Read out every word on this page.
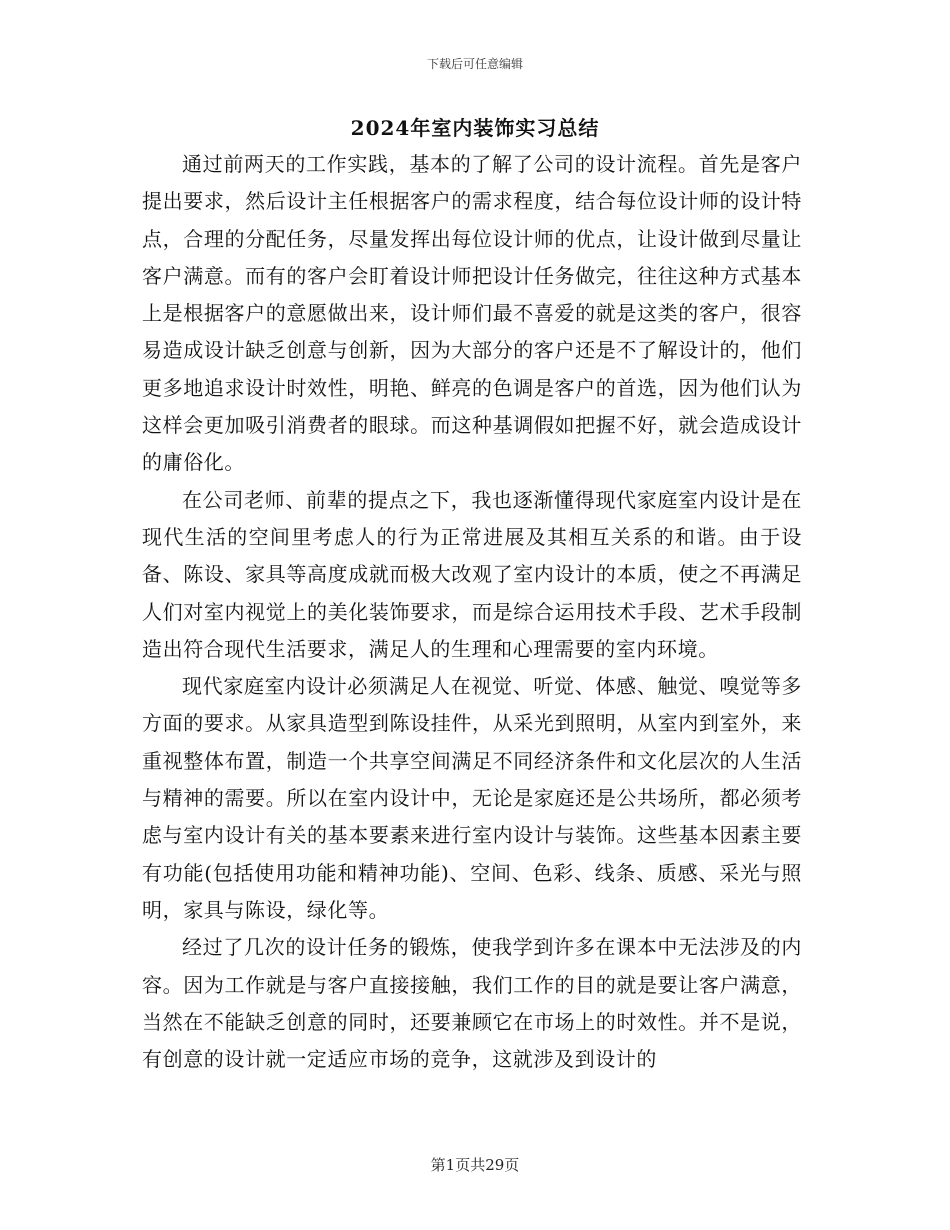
下载后可任意编辑
2024年室内装饰实习总结

通过前两天的工作实践，基本的了解了公司的设计流程。首先是客户提出要求，然后设计主任根据客户的需求程度，结合每位设计师的设计特点，合理的分配任务，尽量发挥出每位设计师的优点，让设计做到尽量让客户满意。而有的客户会盯着设计师把设计任务做完，往往这种方式基本上是根据客户的意愿做出来，设计师们最不喜爱的就是这类的客户，很容易造成设计缺乏创意与创新，因为大部分的客户还是不了解设计的，他们更多地追求设计时效性，明艳、鲜亮的色调是客户的首选，因为他们认为这样会更加吸引消费者的眼球。而这种基调假如把握不好，就会造成设计的庸俗化。

在公司老师、前辈的提点之下，我也逐渐懂得现代家庭室内设计是在现代生活的空间里考虑人的行为正常进展及其相互关系的和谐。由于设备、陈设、家具等高度成就而极大改观了室内设计的本质，使之不再满足人们对室内视觉上的美化装饰要求，而是综合运用技术手段、艺术手段制造出符合现代生活要求，满足人的生理和心理需要的室内环境。

现代家庭室内设计必须满足人在视觉、听觉、体感、触觉、嗅觉等多方面的要求。从家具造型到陈设挂件，从采光到照明，从室内到室外，来重视整体布置，制造一个共享空间满足不同经济条件和文化层次的人生活与精神的需要。所以在室内设计中，无论是家庭还是公共场所，都必须考虑与室内设计有关的基本要素来进行室内设计与装饰。这些基本因素主要有功能(包括使用功能和精神功能)、空间、色彩、线条、质感、采光与照明，家具与陈设，绿化等。

经过了几次的设计任务的锻炼，使我学到许多在课本中无法涉及的内容。因为工作就是与客户直接接触，我们工作的目的就是要让客户满意，当然在不能缺乏创意的同时，还要兼顾它在市场上的时效性。并不是说，有创意的设计就一定适应市场的竞争，这就涉及到设计的

第1页共29页
